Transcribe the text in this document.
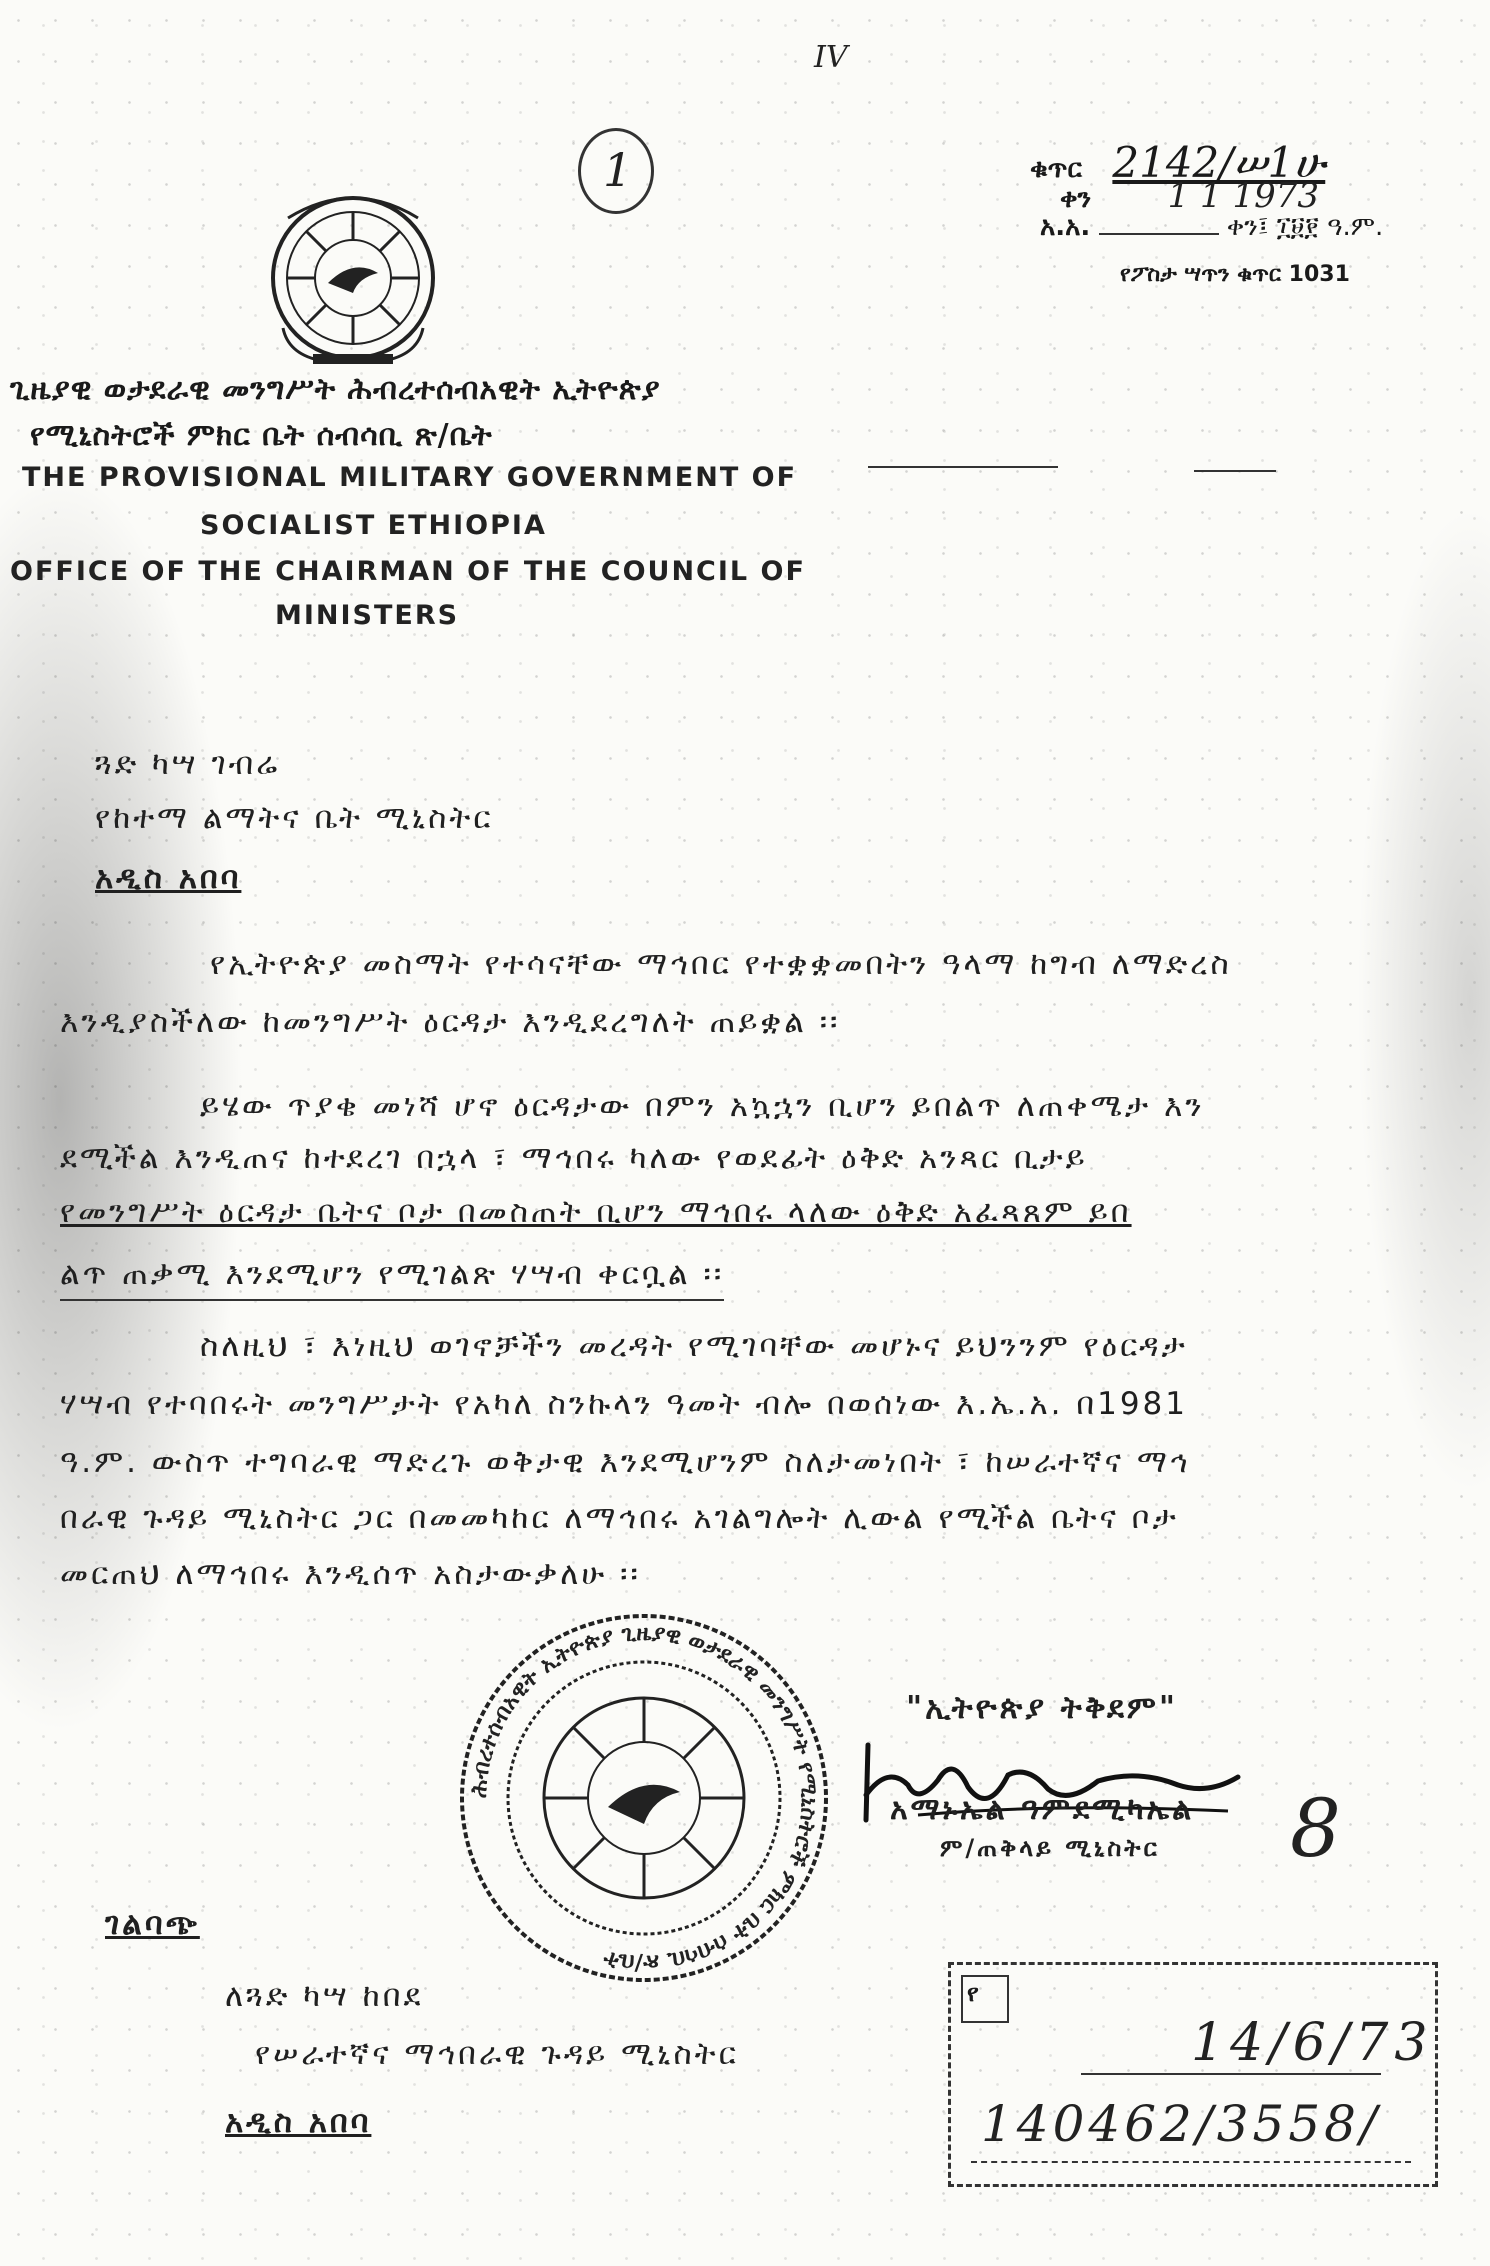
IV
1	ቁጥር 2142/ሠ1ሁ
ቀን 1 1 1973
አ.አ.	ቀን፤ ፲፱፻ ዓ.ም.
የፖስታ ሣጥን ቁጥር 1031
ጊዜያዊ ወታደራዊ መንግሥት ሕብረተሰብአዊት ኢትዮጵያ
የሚኒስትሮች ምክር ቤት ሰብሳቢ ጽ/ቤት
THE PROVISIONAL MILITARY GOVERNMENT OF
SOCIALIST ETHIOPIA
OFFICE OF THE CHAIRMAN OF THE COUNCIL OF
MINISTERS
ጓድ ካሣ ገብሬ
የከተማ ልማትና ቤት ሚኒስትር
አዲስ አበባ
የኢትዮጵያ መስማት የተሳናቸው ማኅበር የተቋቋመበትን ዓላማ ከግብ ለማድረስ
እንዲያስችለው ከመንግሥት ዕርዳታ እንዲደረግለት ጠይቋል ፡፡
ይሄው ጥያቄ መነሻ ሆኖ ዕርዳታው በምን አኳኋን ቢሆን ይበልጥ ለጠቀሜታ እን
ደሚችል እንዲጠና ከተደረገ በኋላ ፣ ማኅበሩ ካለው የወደፊት ዕቅድ አንጻር ቢታይ
የመንግሥት ዕርዳታ ቤትና ቦታ በመስጠት ቢሆን ማኅበሩ ላለው ዕቅድ አፈጻጸም ይበ
ልጥ ጠቃሚ እንደሚሆን የሚገልጽ ሃሣብ ቀርቧል ፡፡
ስለዚህ ፣ እነዚህ ወገኖቻችን መረዳት የሚገባቸው መሆኑና ይህንንም የዕርዳታ
ሃሣብ የተባበሩት መንግሥታት የአካለ ስንኩላን ዓመት ብሎ በወሰነው እ.ኤ.አ. በ1981
ዓ.ም. ውስጥ ተግባራዊ ማድረጉ ወቅታዊ እንደሚሆንም ስለታመነበት ፣ ከሠራተኛና ማኅ
በራዊ ጉዳይ ሚኒስትር ጋር በመመካከር ለማኅበሩ አገልግሎት ሊውል የሚችል ቤትና ቦታ
መርጠህ ለማኅበሩ እንዲሰጥ አስታውቃለሁ ፡፡
ሕብረተሰብአዊት ኢትዮጵያ ጊዜያዊ ወታደራዊ መንግሥት የሚኒስትሮች ምክር ቤት ሰብሳቢ ጽ/ቤት
"ኢትዮጵያ ትቅደም"
አማኑኤል ዓምደሚካኤል
ም/ጠቅላይ ሚኒስትር 8
ገልባጭ
ለጓድ ካሣ ከበደ
የሠራተኛና ማኅበራዊ ጉዳይ ሚኒስትር
አዲስ አበባ
የ
14/6/73
140462/3558/
